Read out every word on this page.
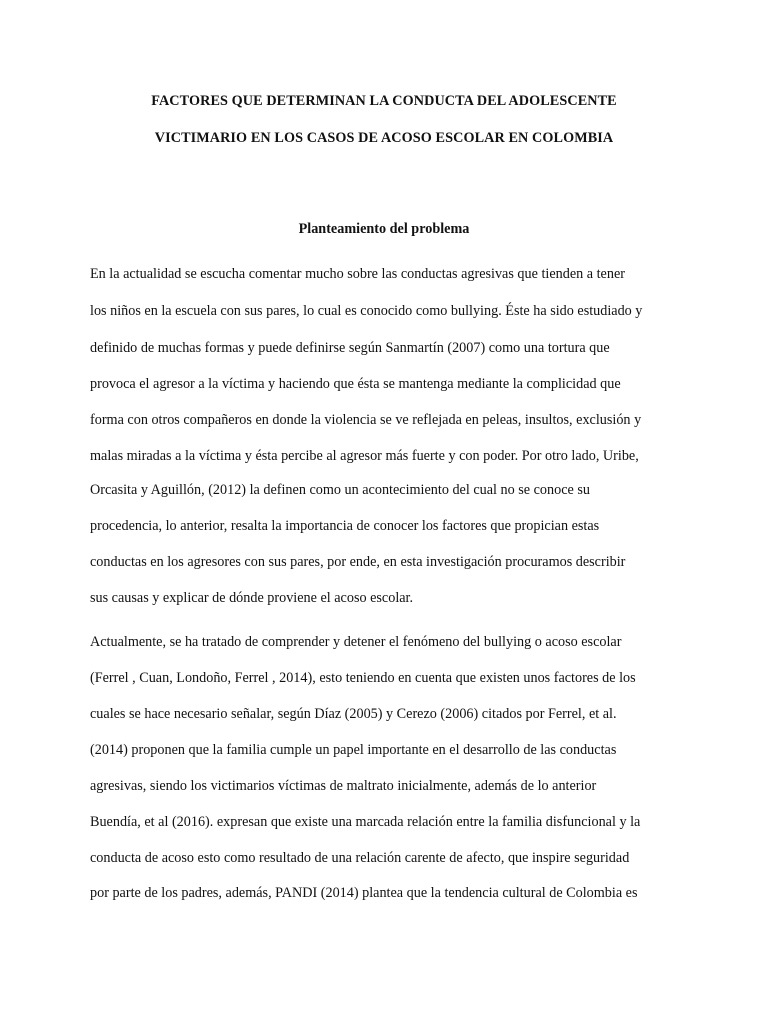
FACTORES QUE DETERMINAN LA CONDUCTA DEL ADOLESCENTE
VICTIMARIO EN LOS CASOS DE ACOSO ESCOLAR EN COLOMBIA
Planteamiento del problema
En la actualidad se escucha comentar mucho sobre las conductas agresivas que tienden a tener
los niños en la escuela con sus pares, lo cual es conocido como bullying. Éste ha sido estudiado y
definido de muchas formas y puede definirse según Sanmartín (2007) como una tortura que
provoca el agresor a la víctima y haciendo que ésta se mantenga mediante la complicidad que
forma con otros compañeros en donde la violencia se ve reflejada en peleas, insultos, exclusión y
malas miradas a la víctima y ésta percibe al agresor más fuerte y con poder. Por otro lado, Uribe,
Orcasita y Aguillón, (2012) la definen como un acontecimiento del cual no se conoce su
procedencia, lo anterior, resalta la importancia de conocer los factores que propician estas
conductas en los agresores con sus pares, por ende, en esta investigación procuramos describir
sus causas y explicar de dónde proviene el acoso escolar.
Actualmente, se ha tratado de comprender y detener el fenómeno del bullying o acoso escolar
(Ferrel , Cuan, Londoño, Ferrel , 2014), esto teniendo en cuenta que existen unos factores de los
cuales se hace necesario señalar, según Díaz (2005) y Cerezo (2006) citados por Ferrel, et al.
(2014) proponen que la familia cumple un papel importante en el desarrollo de las conductas
agresivas, siendo los victimarios víctimas de maltrato inicialmente, además de lo anterior
Buendía, et al (2016). expresan que existe una marcada relación entre la familia disfuncional y la
conducta de acoso esto como resultado de una relación carente de afecto, que inspire seguridad
por parte de los padres, además, PANDI (2014) plantea que la tendencia cultural de Colombia es
